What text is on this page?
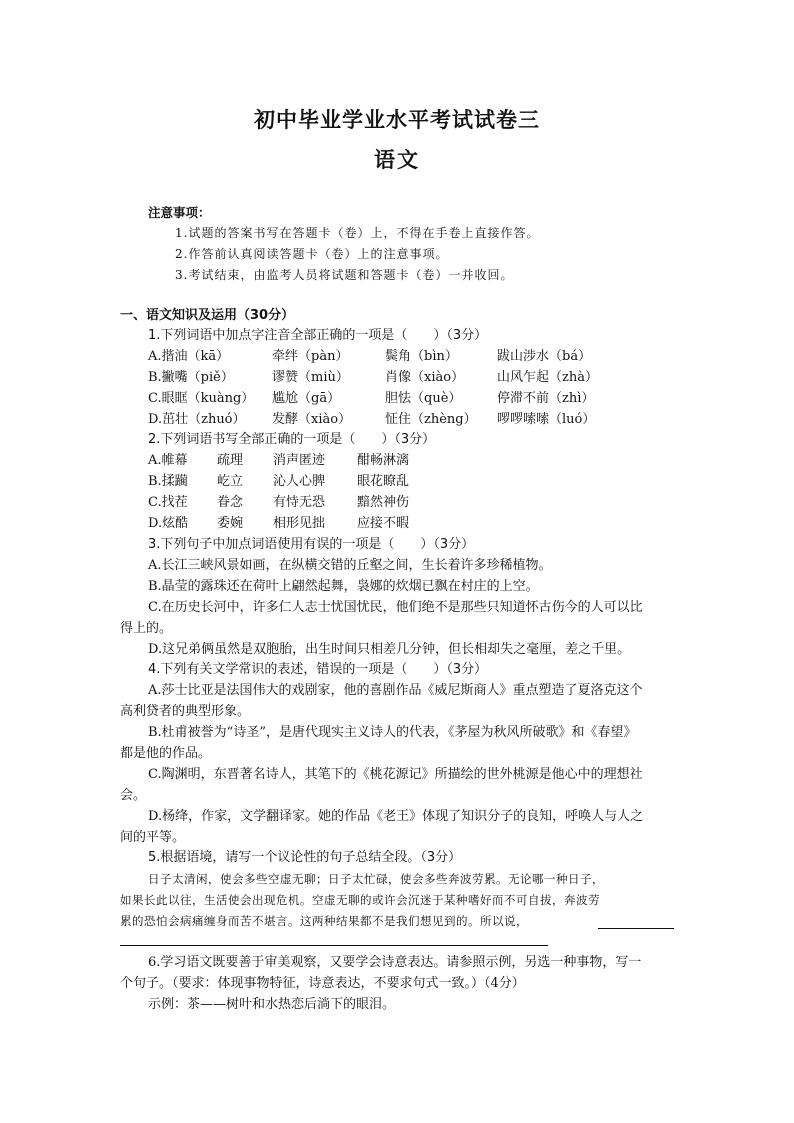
初中毕业学业水平考试试卷三
语文
注意事项：
1.试题的答案书写在答题卡（卷）上，不得在手卷上直接作答。
2.作答前认真阅读答题卡（卷）上的注意事项。
3.考试结束，由监考人员将试题和答题卡（卷）一并收回。
一、语文知识及运用（30分）
1.下列词语中加点字注音全部正确的一项是（　　）（3分）
A.揩油（kā）	牵绊（pàn）	鬓角（bìn）	跋山涉水（bá）
B.撇嘴（piě）	谬赞（miù）	肖像（xiào）	山风乍起（zhà）
C.眼眶（kuàng） 尴尬（gā）	胆怯（què）	停滞不前（zhì）
D.茁壮（zhuó） 发酵（xiào）	怔住（zhèng） 啰啰嗦嗦（luó）
2.下列词语书写全部正确的一项是（　　）（3分）
A.帷幕 疏理 消声匿迹 酣畅淋漓
B.揉躏 屹立 沁人心脾 眼花瞭乱
C.找茬 眷念 有恃无恐 黯然神伤
D.炫酷 委婉 相形见拙 应接不暇
3.下列句子中加点词语使用有误的一项是（　　）（3分）
A.长江三峡风景如画，在纵横交错的丘壑之间，生长着许多珍稀植物。
B.晶莹的露珠还在荷叶上翩然起舞，袅娜的炊烟已飘在村庄的上空。
C.在历史长河中，许多仁人志士忧国忧民，他们绝不是那些只知道怀古伤今的人可以比
得上的。
D.这兄弟俩虽然是双胞胎，出生时间只相差几分钟，但长相却失之毫厘，差之千里。
4.下列有关文学常识的表述，错误的一项是（　　）（3分）
A.莎士比亚是法国伟大的戏剧家，他的喜剧作品《威尼斯商人》重点塑造了夏洛克这个
高利贷者的典型形象。
B.杜甫被誉为“诗圣”，是唐代现实主义诗人的代表，《茅屋为秋风所破歌》和《春望》
都是他的作品。
C.陶渊明，东晋著名诗人，其笔下的《桃花源记》所描绘的世外桃源是他心中的理想社
会。
D.杨绛，作家，文学翻译家。她的作品《老王》体现了知识分子的良知，呼唤人与人之
间的平等。
5.根据语境，请写一个议论性的句子总结全段。（3分）
日子太清闲，使会多些空虚无聊；日子太忙碌，使会多些奔波劳累。无论哪一种日子，
如果长此以往，生活使会出现危机。空虚无聊的或许会沉迷于某种嗜好而不可自拔，奔波劳
累的恐怕会病痛缠身而苦不堪言。这两种结果都不是我们想见到的。所以说，
6.学习语文既要善于审美观察，又要学会诗意表达。请参照示例，另选一种事物，写一
个句子。（要求：体现事物特征，诗意表达，不要求句式一致。）（4分）
示例：茶——树叶和水热恋后淌下的眼泪。
